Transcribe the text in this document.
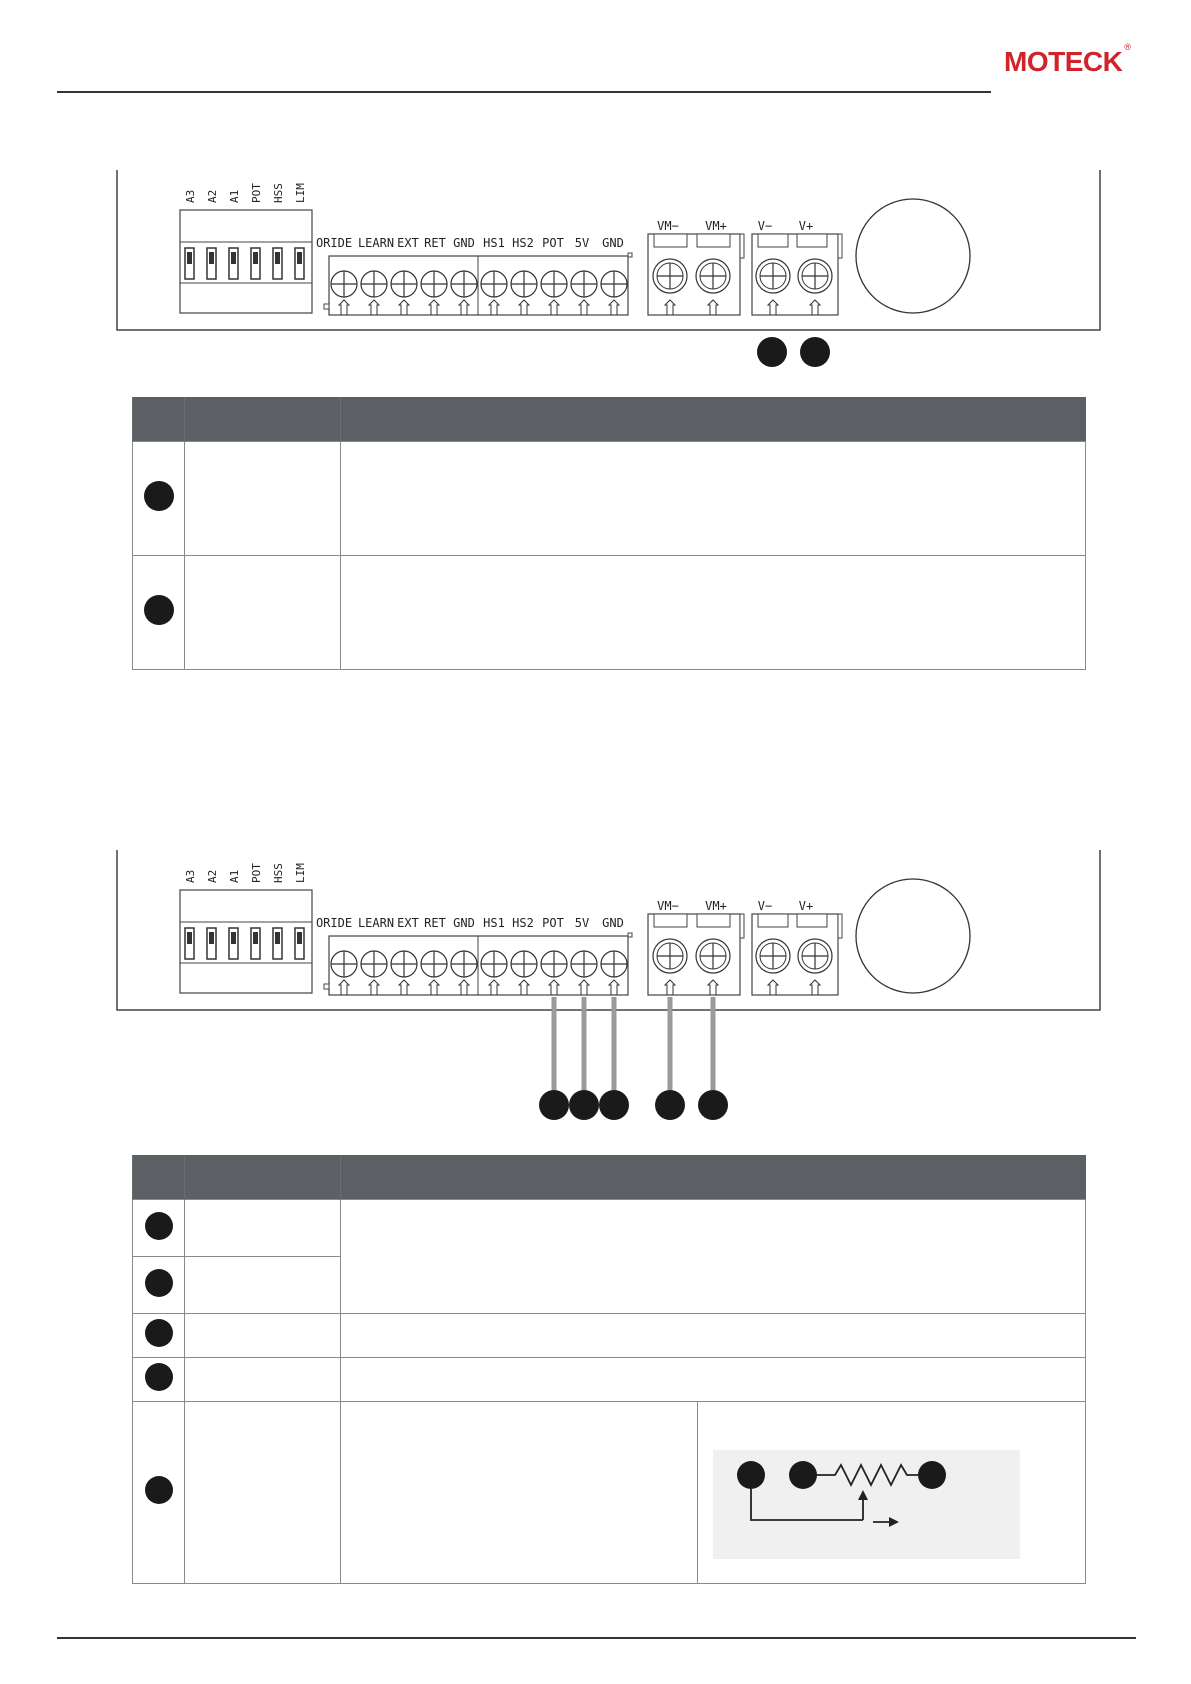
MOTECK ®
A3 A2 A1 POT HSS LIM
ORIDE LEARN EXT RET GND HS1 HS2 POT 5V GND
VM− VM+	V− V+

A3 A2 A1 POT HSS LIM
ORIDE LEARN EXT RET GND HS1 HS2 POT 5V GND
VM− VM+	V− V+
